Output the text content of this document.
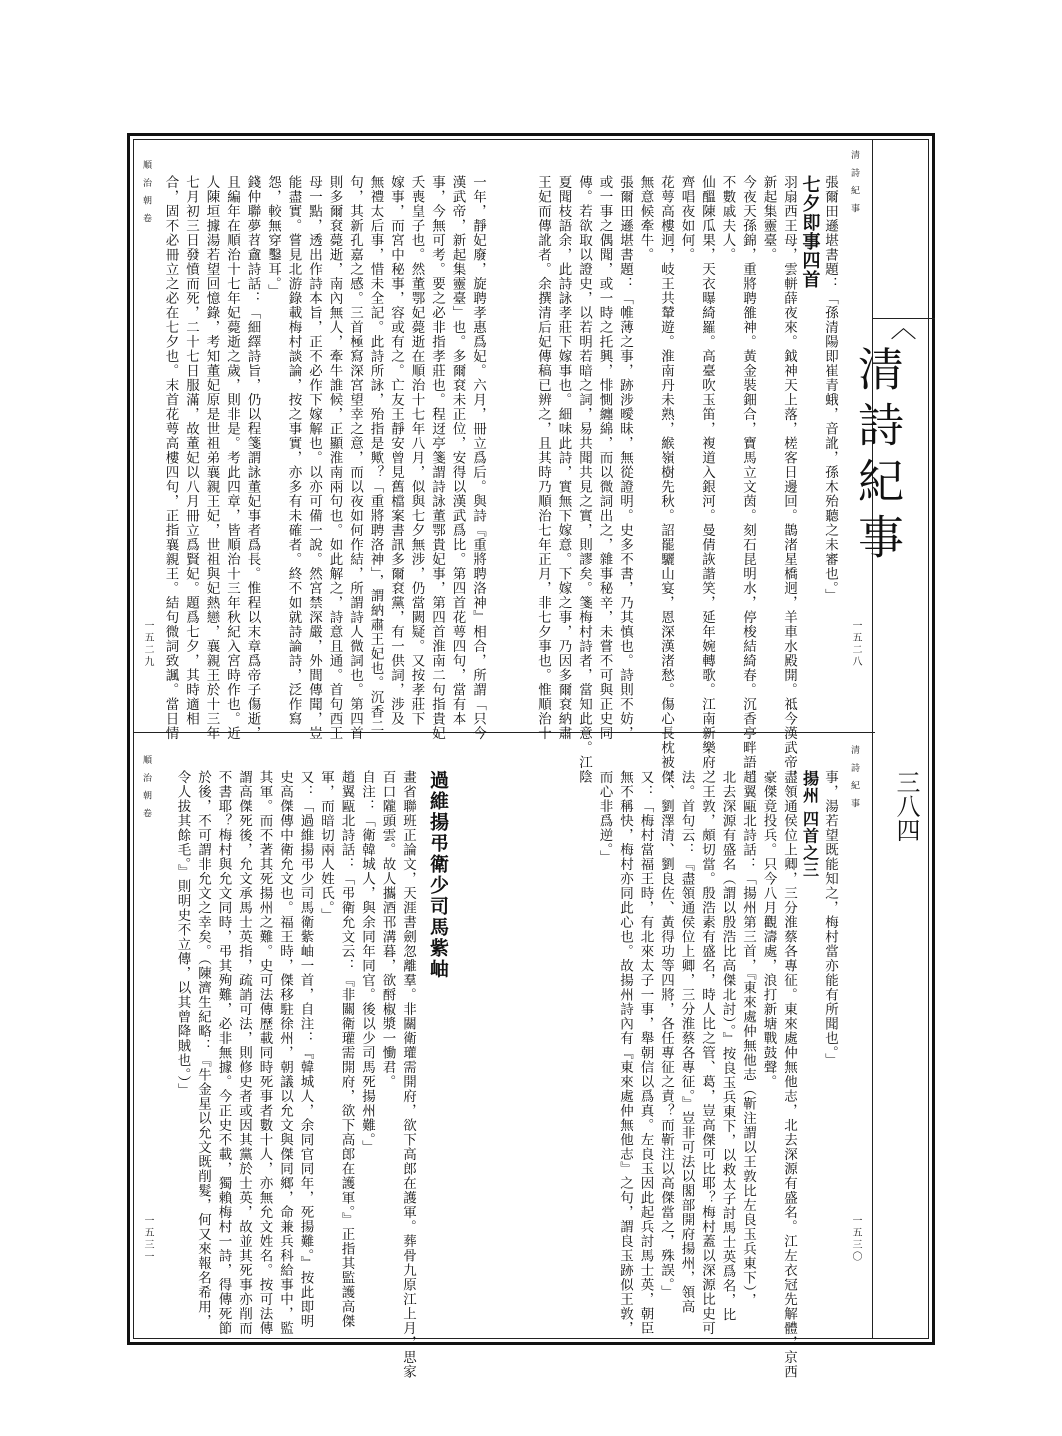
︿
清詩紀事
三八四
清 詩 紀 事
一五二八
張爾田遜堪書題：「孫清陽即崔青蛾，音訛，孫木殆聽之未審也。」
七夕即事四首
羽扇西王母，雲軿薛夜來。鉞神天上落，槎客日邊回。鵲渚星橋迥，羊車水殿開。祗今漢武帝，
新起集靈臺。
今夜天孫錦，重將聘雒神。黃金裝鈿合，寶馬立文茵。刻石昆明水，停梭結綺春。沉香亭畔語，
不數戚夫人。
仙醞陳瓜果，天衣曝綺羅。高臺吹玉笛，複道入銀河。曼倩詼諧笑，延年婉轉歌。江南新樂府，
齊唱夜如何。
花萼高樓迥，岐王共輦遊。淮南丹未熟，緱嶺樹先秋。詔罷驪山宴，恩深漢渚愁。傷心長枕被，
無意候牽牛。
張爾田遜堪書題：「帷薄之事，跡涉曖昧，無從證明。史多不書，乃其慎也。詩則不妨，
或一事之偶聞，或一時之托興，悱惻纏綿，而以微詞出之，雜事秘辛，未嘗不可與正史同
傳。若欲取以證史，以若明若暗之詞，易共聞共見之實，則謬矣。箋梅村詩者，當知此意。江陰
夏聞枝語余，此詩詠孝莊下嫁事也。細味此詩，實無下嫁意。下嫁之事，乃因多爾袞納肅
王妃而傳訛者。余撰清后妃傳稿已辨之，且其時乃順治七年正月，非七夕事也。惟順治十
一年，靜妃廢，旋聘孝惠爲妃。六月，冊立爲后。與詩『重將聘洛神』相合，所謂「只今
漢武帝，新起集靈臺」也。多爾袞未正位，安得以漢武爲比。第四首花萼四句，當有本
事，今無可考。要之必非指孝莊也。程迓亭箋謂詩詠董鄂貴妃事，第四首淮南二句指貴妃
夭喪皇子也。然董鄂妃薨逝在順治十七年八月，似與七夕無涉，仍當闕疑。又按孝莊下
嫁事，而宮中秘事，容或有之。亡友王靜安曾見舊檔案書訊多爾袞黨，有一供詞，涉及
無禮太后事，惜未全記。此詩所詠，殆指是歟？「重將聘洛神」，謂納肅王妃也。沉香二
句，其新孔嘉之感。三首極寫深宮望幸之意，而以夜如何作結，所謂詩人微詞也。第四首
則多爾袞薨逝，南內無人，牽牛誰候，正顯淮南兩句也。如此解之，詩意且通。首句西王
母一點，透出作詩本旨，正不必作下嫁解也。以亦可備一說。然宮禁深嚴，外間傳聞，豈
能盡實。嘗見北游錄載梅村談論，按之事實，亦多有未確者。終不如就詩論詩，泛作寫
怨，較無穿鑿耳。」
錢仲聯夢苕盦詩話：「細繹詩旨，仍以程箋謂詠董妃事者爲長。惟程以末章爲帝子傷逝，
且編年在順治十七年妃薨逝之歲，則非是。考此四章，皆順治十三年秋紀入宮時作也。近
人陳垣據湯若望回憶錄，考知董妃原是世祖弟襄親王妃，世祖與妃熱戀，襄親王於十三年
七月初三日發憤而死，二十七日服滿，故董妃以八月冊立爲賢妃。題爲七夕，其時適相
合，固不必冊立之必在七夕也。末首花萼高樓四句，正指襄親王。結句微詞致諷。當日情
一五二九
順 治 朝 卷
清 詩 紀 事
一五三〇
事，湯若望既能知之，梅村當亦能有所聞也。」
揚州 四首之三
盡領通侯位上卿，三分淮蔡各專征。東來處仲無他志，北去深源有盛名。江左衣冠先解體，京西
豪傑竟投兵。只今八月觀濤處，浪打新塘戰鼓聲。
趙翼甌北詩話：「揚州第三首，『東來處仲無他志（靳注謂以王敦比左良玉兵東下），
北去深源有盛名（謂以殷浩比高傑北討）。』按良玉兵東下，以救太子討馬士英爲名，比
之王敦，頗切當。殷浩素有盛名，時人比之管、葛，豈高傑可比耶？梅村蓋以深源比史可
法。首句云：『盡領通侯位上卿，三分淮蔡各專征。』豈非可法以閣部開府揚州，領高
傑、劉澤清、劉良佐、黃得功等四將，各任專征之責？而靳注以高傑當之，殊誤。」
又：「梅村當福王時，有北來太子一事，舉朝信以爲真。左良玉因此起兵討馬士英，朝臣
無不稱快，梅村亦同此心也。故揚州詩內有『東來處仲無他志』之句，謂良玉跡似王敦，
而心非爲逆。」
過維揚弔衛少司馬紫岫
畫省聯班正論文，天涯書劍忽離羣。非關衛瓘需開府，欲下高郎在護軍。葬骨九原江上月，思家
百口隴頭雲。故人攜酒邗溝暮，欲酹椒漿一慟君。
自注：「衛韓城人，與余同年同官。後以少司馬死揚州難。」
趙翼甌北詩話：「弔衛允文云：『非關衛瓘需開府，欲下高郎在護軍。』正指其監護高傑
軍，而暗切兩人姓氏。」
又：「過維揚弔少司馬衛紫岫一首，自注：『韓城人，余同官同年，死揚難。』按此即明
史高傑傳中衛允文也。福王時，傑移駐徐州，朝議以允文與傑同鄉，命兼兵科給事中，監
其軍。而不著其死揚州之難。史可法傳歷載同時死事者數十人，亦無允文姓名。按可法傳
謂高傑死後，允文承馬士英指，疏誚可法，則修史者或因其黨於士英，故並其死事亦削而
不書耶？梅村與允文同時，弔其殉難，必非無據。今正史不載，獨賴梅村一詩，得傳死節
於後，不可謂非允文之幸矣。（陳濟生紀略：『牛金星以允文既削髮，何又來報名希用，
令人拔其餘毛。』則明史不立傳，以其曾降賊也。）」
一五三一
順 治 朝 卷
